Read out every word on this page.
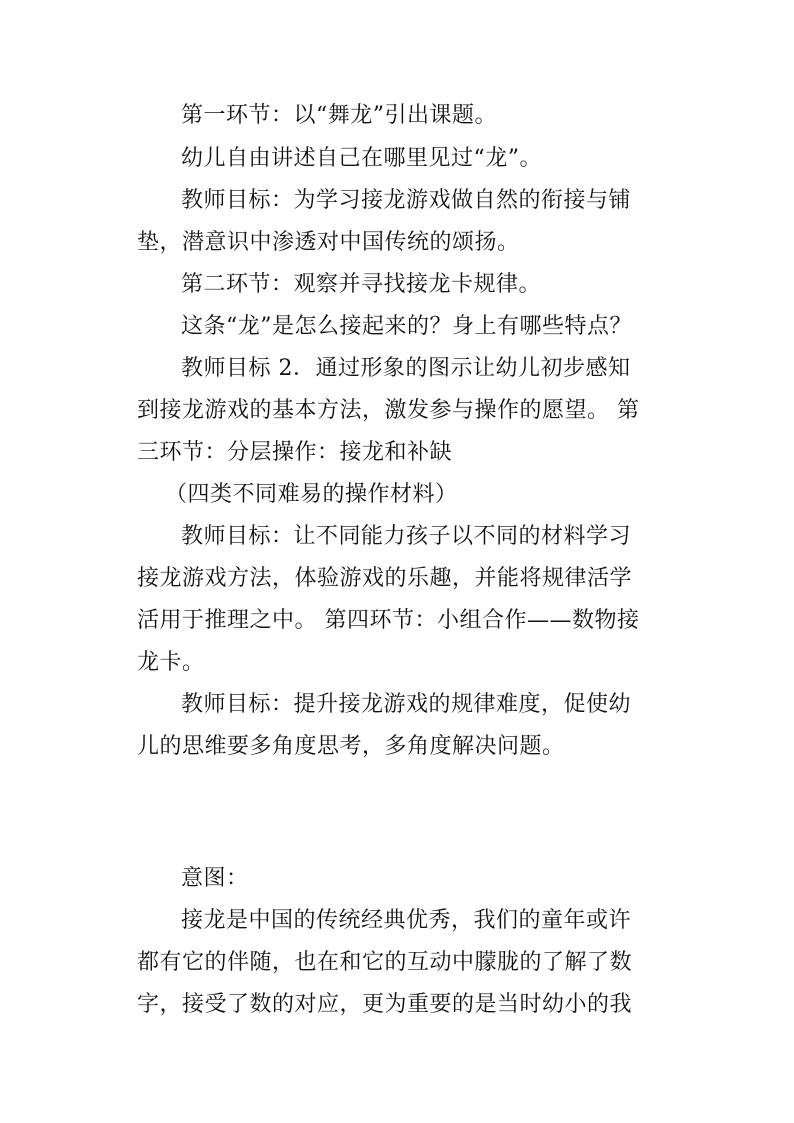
第一环节：以“舞龙”引出课题。

幼儿自由讲述自己在哪里见过“龙”。

教师目标：为学习接龙游戏做自然的衔接与铺

垫，潜意识中渗透对中国传统的颂扬。

第二环节：观察并寻找接龙卡规律。

这条“龙”是怎么接起来的？身上有哪些特点？

教师目标 2．通过形象的图示让幼儿初步感知

到接龙游戏的基本方法，激发参与操作的愿望。 第

三环节：分层操作：接龙和补缺

（四类不同难易的操作材料）

教师目标：让不同能力孩子以不同的材料学习

接龙游戏方法，体验游戏的乐趣，并能将规律活学

活用于推理之中。 第四环节：小组合作——数物接

龙卡。

教师目标：提升接龙游戏的规律难度，促使幼

儿的思维要多角度思考，多角度解决问题。

意图：

接龙是中国的传统经典优秀，我们的童年或许

都有它的伴随，也在和它的互动中朦胧的了解了数

字，接受了数的对应，更为重要的是当时幼小的我
